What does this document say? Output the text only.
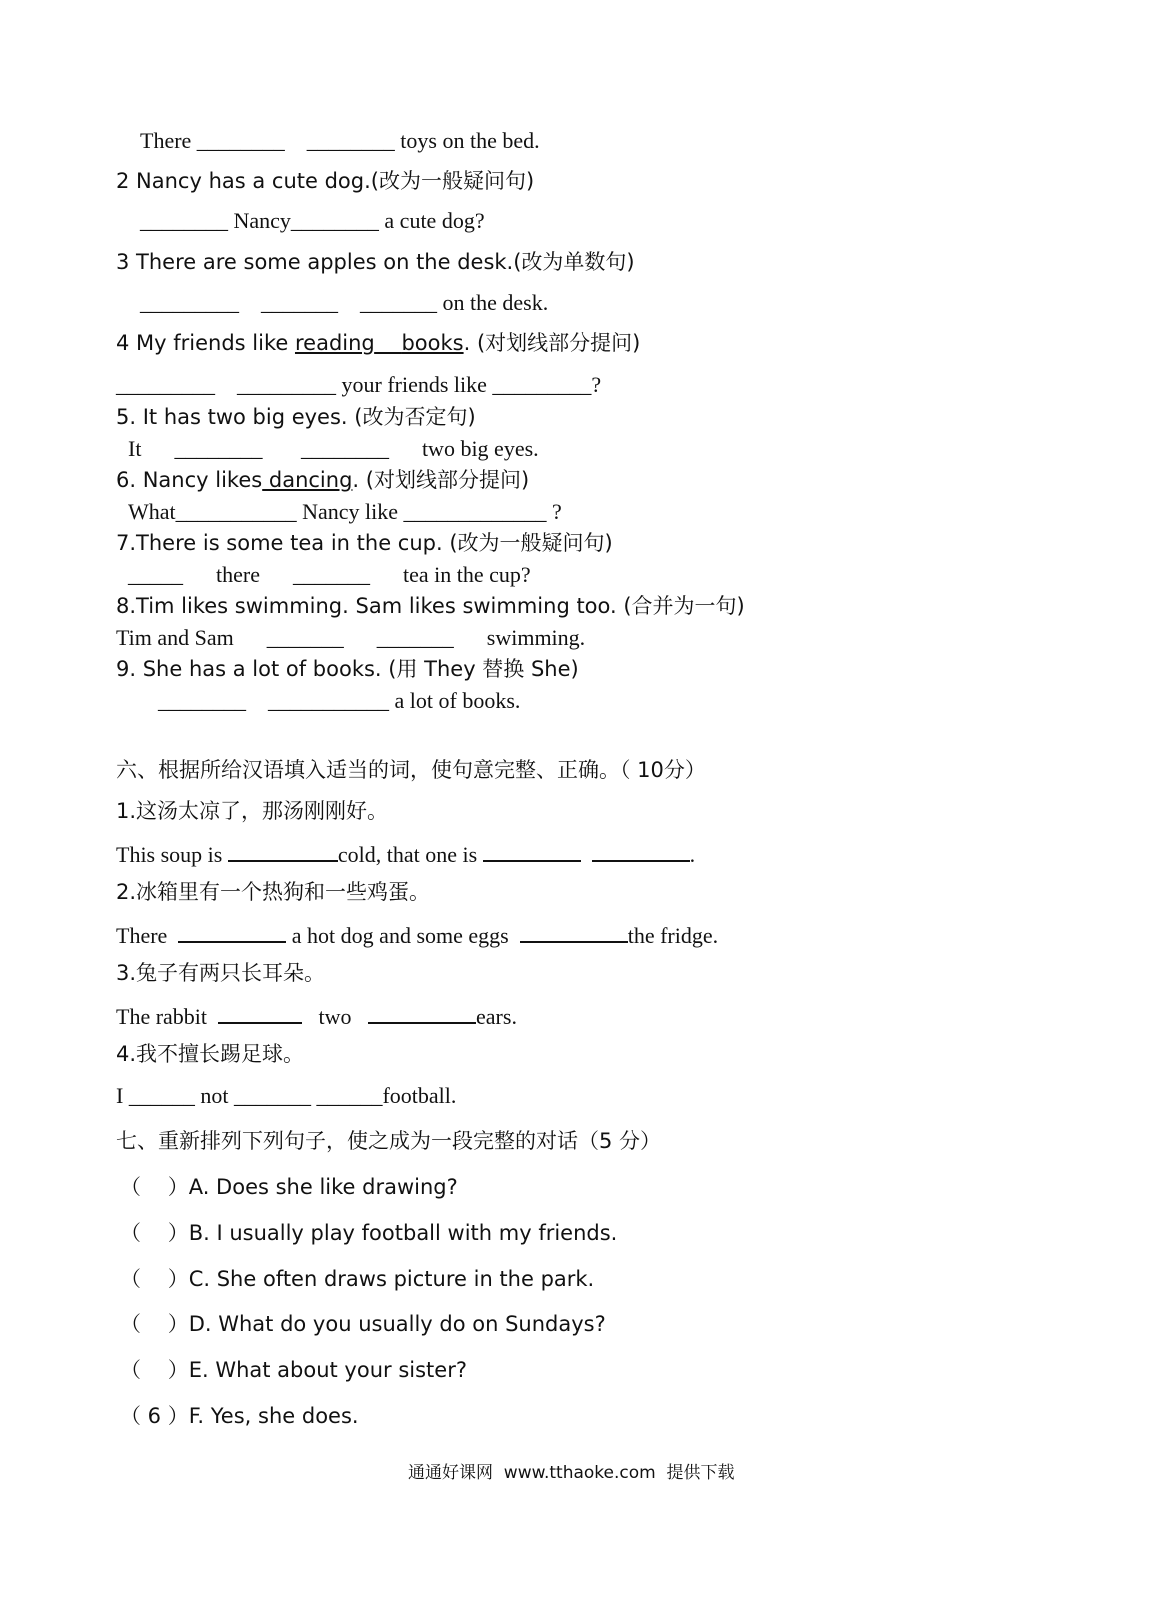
There ________    ________ toys on the bed.
2 Nancy has a cute dog.(改为一般疑问句)
________ Nancy________ a cute dog?
3 There are some apples on the desk.(改为单数句)
_________    _______    _______ on the desk.
4 My friends like reading books. (对划线部分提问)
_________    _________ your friends like _________?
5. It has two big eyes. (改为否定句)
It      ________       ________      two big eyes.
6. Nancy likes dancing. (对划线部分提问)
What___________ Nancy like _____________ ?
7.There is some tea in the cup. (改为一般疑问句)
_____      there      _______      tea in the cup?
8.Tim likes swimming. Sam likes swimming too. (合并为一句)
Tim and Sam      _______      _______      swimming.
9. She has a lot of books. (用 They 替换 She)
________    ___________ a lot of books.
六、根据所给汉语填入适当的词，使句意完整、正确。（ 10分）
1.这汤太凉了，那汤刚刚好。
This soup is	cold, that one is	.
2.冰箱里有一个热狗和一些鸡蛋。
There	a hot dog and some eggs	the fridge.
3.兔子有两只长耳朵。
The rabbit	two	ears.
4.我不擅长踢足球。
I ______ not _______ ______football.
七、重新排列下列句子，使之成为一段完整的对话（5 分）
（    ）A. Does she like drawing?
（    ）B. I usually play football with my friends.
（    ）C. She often draws picture in the park.
（    ）D. What do you usually do on Sundays?
（    ）E. What about your sister?
（ 6 ）F. Yes, she does.
通通好课网  www.tthaoke.com  提供下载
